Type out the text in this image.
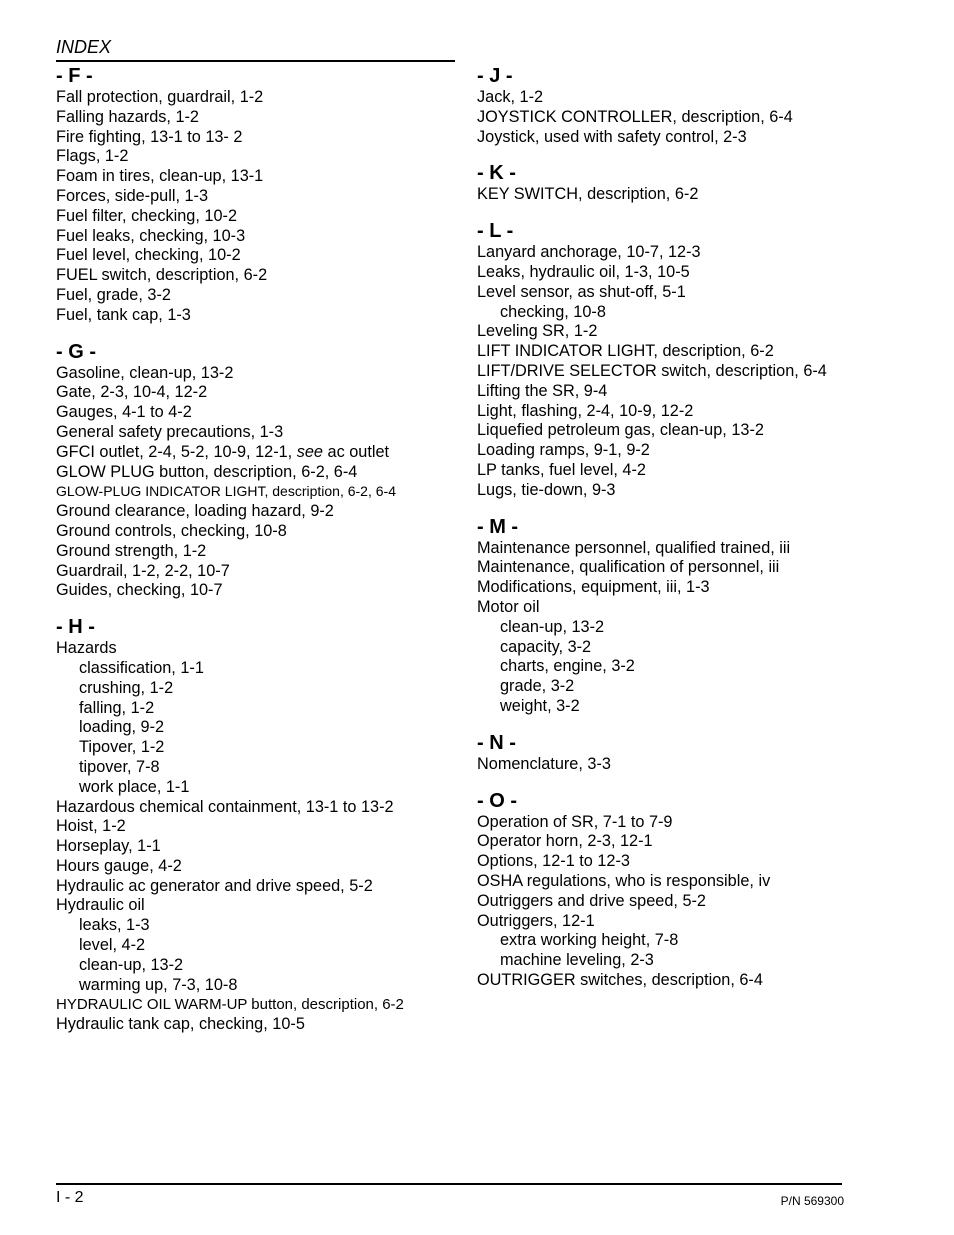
INDEX
- F -
Fall protection, guardrail, 1-2
Falling hazards, 1-2
Fire fighting, 13-1 to 13- 2
Flags, 1-2
Foam in tires, clean-up, 13-1
Forces, side-pull, 1-3
Fuel filter, checking, 10-2
Fuel leaks, checking, 10-3
Fuel level, checking, 10-2
FUEL switch, description, 6-2
Fuel, grade, 3-2
Fuel, tank cap, 1-3
- G -
Gasoline, clean-up, 13-2
Gate, 2-3, 10-4, 12-2
Gauges, 4-1 to 4-2
General safety precautions, 1-3
GFCI outlet, 2-4, 5-2, 10-9, 12-1, see ac outlet
GLOW PLUG button, description, 6-2, 6-4
GLOW-PLUG INDICATOR LIGHT, description, 6-2, 6-4
Ground clearance, loading hazard, 9-2
Ground controls, checking, 10-8
Ground strength, 1-2
Guardrail, 1-2, 2-2, 10-7
Guides, checking, 10-7
- H -
Hazards
classification, 1-1
crushing, 1-2
falling, 1-2
loading, 9-2
Tipover, 1-2
tipover, 7-8
work place, 1-1
Hazardous chemical containment, 13-1 to 13-2
Hoist, 1-2
Horseplay, 1-1
Hours gauge, 4-2
Hydraulic ac generator and drive speed, 5-2
Hydraulic oil
leaks, 1-3
level, 4-2
clean-up, 13-2
warming up, 7-3, 10-8
HYDRAULIC OIL WARM-UP button, description, 6-2
Hydraulic tank cap, checking, 10-5
- J -
Jack, 1-2
JOYSTICK CONTROLLER, description, 6-4
Joystick, used with safety control, 2-3
- K -
KEY SWITCH, description, 6-2
- L -
Lanyard anchorage, 10-7, 12-3
Leaks, hydraulic oil, 1-3, 10-5
Level sensor, as shut-off, 5-1
checking, 10-8
Leveling SR, 1-2
LIFT INDICATOR LIGHT, description, 6-2
LIFT/DRIVE SELECTOR switch, description, 6-4
Lifting the SR, 9-4
Light, flashing, 2-4, 10-9, 12-2
Liquefied petroleum gas, clean-up, 13-2
Loading ramps, 9-1, 9-2
LP tanks, fuel level, 4-2
Lugs, tie-down, 9-3
- M -
Maintenance personnel, qualified trained, iii
Maintenance, qualification of personnel, iii
Modifications, equipment, iii, 1-3
Motor oil
clean-up, 13-2
capacity, 3-2
charts, engine, 3-2
grade, 3-2
weight, 3-2
- N -
Nomenclature, 3-3
- O -
Operation of SR, 7-1 to 7-9
Operator horn, 2-3, 12-1
Options, 12-1 to 12-3
OSHA regulations, who is responsible, iv
Outriggers and drive speed, 5-2
Outriggers, 12-1
extra working height, 7-8
machine leveling, 2-3
OUTRIGGER switches, description, 6-4
I - 2	P/N 569300
